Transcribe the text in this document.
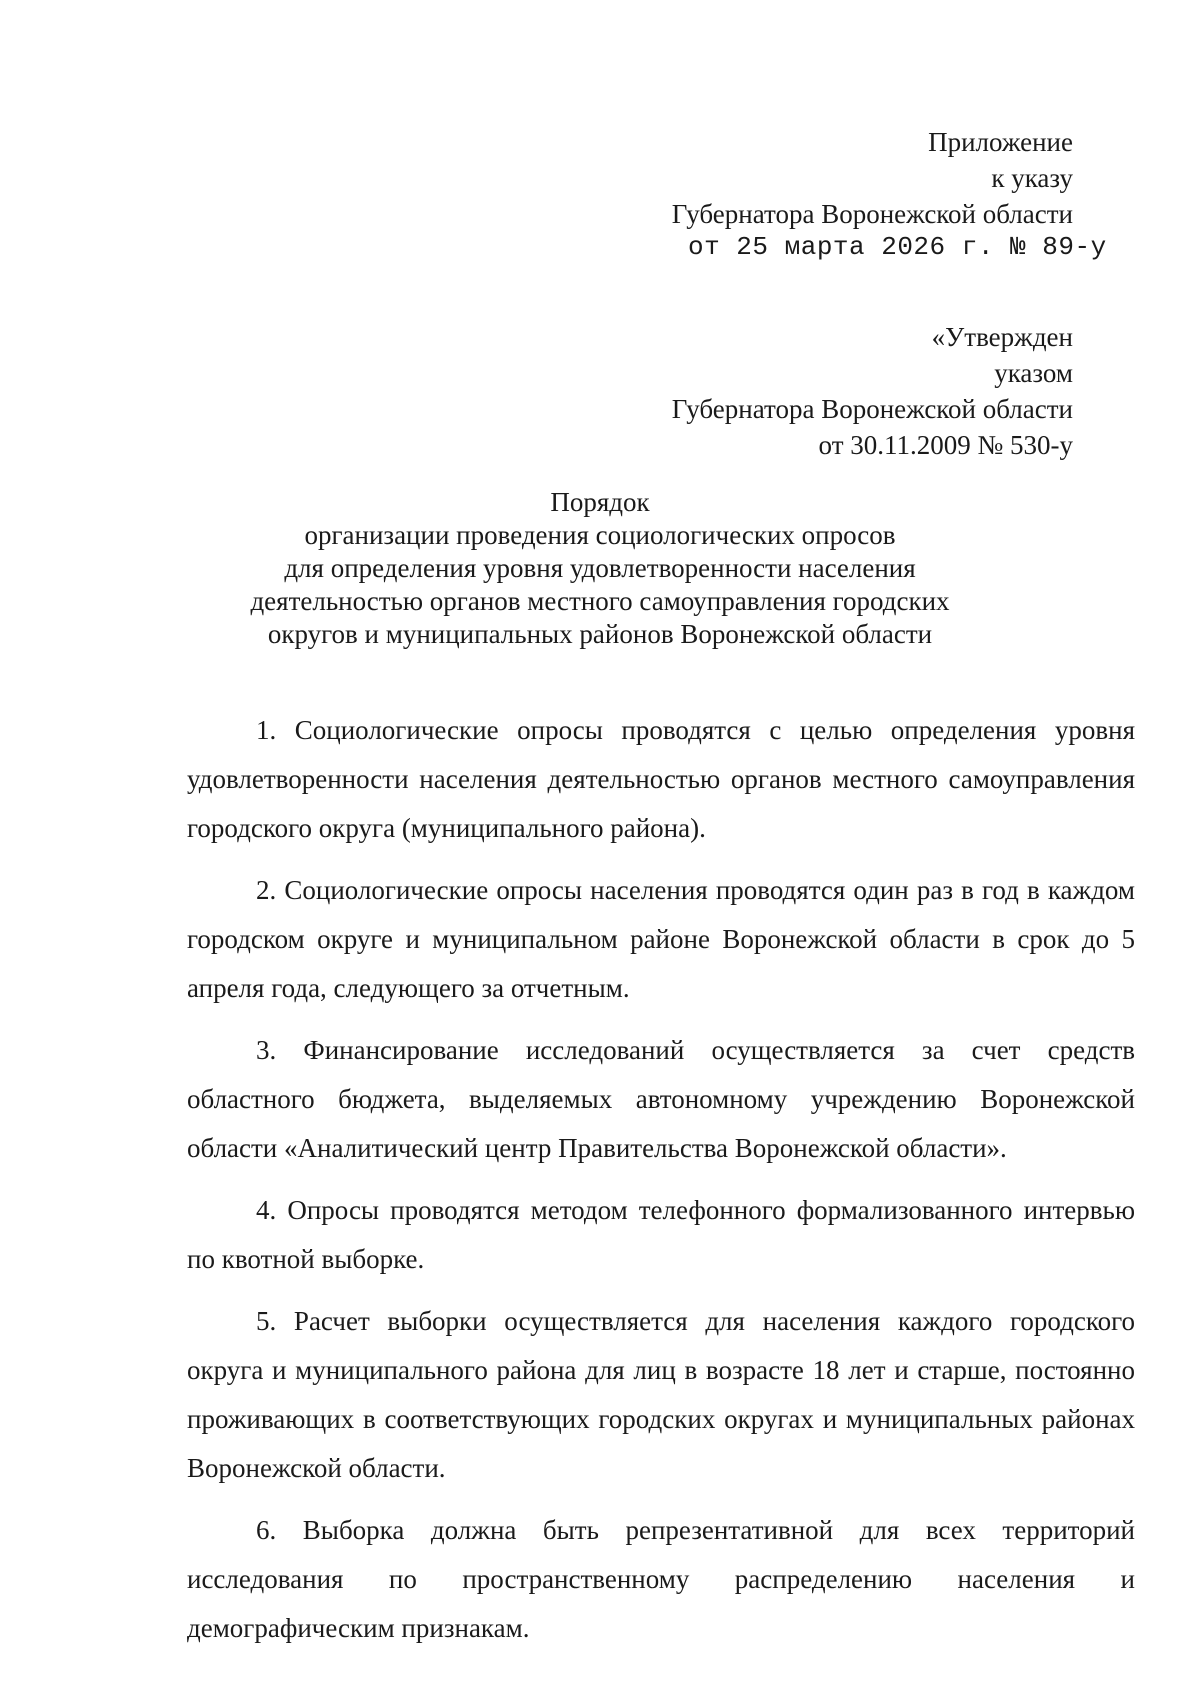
Приложение
к указу
Губернатора Воронежской области
от 25 марта 2026 г. № 89-у
«Утвержден
указом
Губернатора Воронежской области
от 30.11.2009 № 530-у
Порядок
организации проведения социологических опросов
для определения уровня удовлетворенности населения
деятельностью органов местного самоуправления городских
округов и муниципальных районов Воронежской области

1. Социологические опросы проводятся с целью определения уровня удовлетворенности населения деятельностью органов местного самоуправления городского округа (муниципального района).

2. Социологические опросы населения проводятся один раз в год в каждом городском округе и муниципальном районе Воронежской области в срок до 5 апреля года, следующего за отчетным.

3. Финансирование исследований осуществляется за счет средств областного бюджета, выделяемых автономному учреждению Воронежской области «Аналитический центр Правительства Воронежской области».

4. Опросы проводятся методом телефонного формализованного интервью по квотной выборке.

5. Расчет выборки осуществляется для населения каждого городского округа и муниципального района для лиц в возрасте 18 лет и старше, постоянно проживающих в соответствующих городских округах и муниципальных районах Воронежской области.

6. Выборка должна быть репрезентативной для всех территорий исследования по пространственному распределению населения и демографическим признакам.
